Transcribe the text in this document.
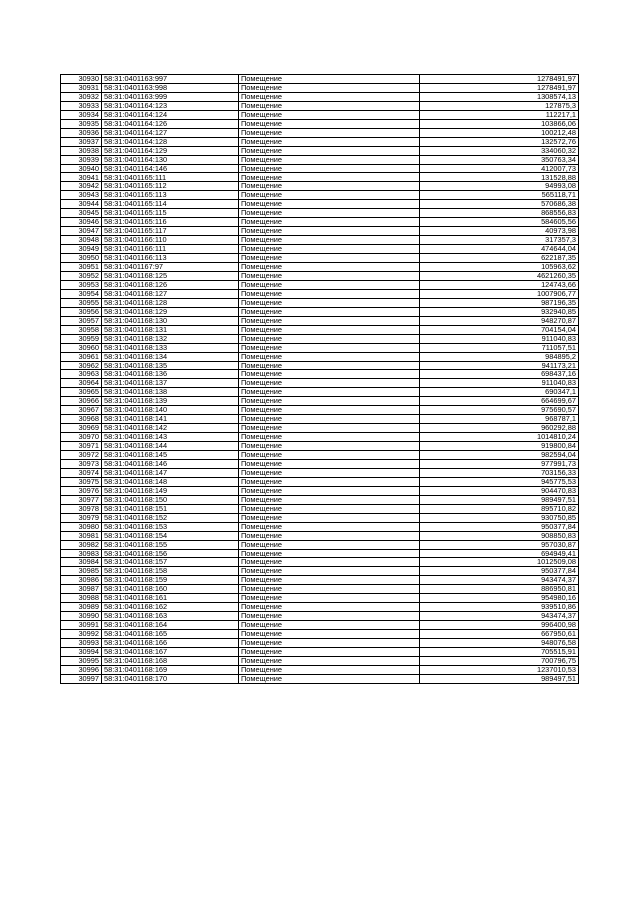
30930	58:31:0401163:997	Помещение	1278491,97
30931	58:31:0401163:998	Помещение	1278491,97
30932	58:31:0401163:999	Помещение	1308574,13
30933	58:31:0401164:123	Помещение	127875,3
30934	58:31:0401164:124	Помещение	112217,1
30935	58:31:0401164:126	Помещение	103866,06
30936	58:31:0401164:127	Помещение	100212,48
30937	58:31:0401164:128	Помещение	132572,76
30938	58:31:0401164:129	Помещение	334060,32
30939	58:31:0401164:130	Помещение	350763,34
30940	58:31:0401164:146	Помещение	412007,73
30941	58:31:0401165:111	Помещение	131528,88
30942	58:31:0401165:112	Помещение	94993,08
30943	58:31:0401165:113	Помещение	565118,71
30944	58:31:0401165:114	Помещение	570686,38
30945	58:31:0401165:115	Помещение	868556,83
30946	58:31:0401165:116	Помещение	584605,56
30947	58:31:0401165:117	Помещение	40973,98
30948	58:31:0401166:110	Помещение	317357,3
30949	58:31:0401166:111	Помещение	474644,04
30950	58:31:0401166:113	Помещение	622187,35
30951	58:31:0401167:97	Помещение	105963,62
30952	58:31:0401168:125	Помещение	4621260,35
30953	58:31:0401168:126	Помещение	124743,66
30954	58:31:0401168:127	Помещение	1007906,77
30955	58:31:0401168:128	Помещение	987196,35
30956	58:31:0401168:129	Помещение	932940,85
30957	58:31:0401168:130	Помещение	948270,87
30958	58:31:0401168:131	Помещение	704154,04
30959	58:31:0401168:132	Помещение	911040,83
30960	58:31:0401168:133	Помещение	711057,51
30961	58:31:0401168:134	Помещение	984895,2
30962	58:31:0401168:135	Помещение	941173,21
30963	58:31:0401168:136	Помещение	698437,16
30964	58:31:0401168:137	Помещение	911040,83
30965	58:31:0401168:138	Помещение	690347,1
30966	58:31:0401168:139	Помещение	664699,67
30967	58:31:0401168:140	Помещение	975690,57
30968	58:31:0401168:141	Помещение	968787,1
30969	58:31:0401168:142	Помещение	960292,88
30970	58:31:0401168:143	Помещение	1014810,24
30971	58:31:0401168:144	Помещение	919800,84
30972	58:31:0401168:145	Помещение	982594,04
30973	58:31:0401168:146	Помещение	977991,73
30974	58:31:0401168:147	Помещение	703156,33
30975	58:31:0401168:148	Помещение	945775,53
30976	58:31:0401168:149	Помещение	904470,83
30977	58:31:0401168:150	Помещение	989497,51
30978	58:31:0401168:151	Помещение	895710,82
30979	58:31:0401168:152	Помещение	930750,85
30980	58:31:0401168:153	Помещение	950377,84
30981	58:31:0401168:154	Помещение	908850,83
30982	58:31:0401168:155	Помещение	957030,87
30983	58:31:0401168:156	Помещение	694949,41
30984	58:31:0401168:157	Помещение	1012509,08
30985	58:31:0401168:158	Помещение	950377,84
30986	58:31:0401168:159	Помещение	943474,37
30987	58:31:0401168:160	Помещение	886950,81
30988	58:31:0401168:161	Помещение	954980,16
30989	58:31:0401168:162	Помещение	939510,86
30990	58:31:0401168:163	Помещение	943474,37
30991	58:31:0401168:164	Помещение	996400,98
30992	58:31:0401168:165	Помещение	667950,61
30993	58:31:0401168:166	Помещение	948076,58
30994	58:31:0401168:167	Помещение	705515,91
30995	58:31:0401168:168	Помещение	700796,75
30996	58:31:0401168:169	Помещение	1237010,53
30997	58:31:0401168:170	Помещение	989497,51
